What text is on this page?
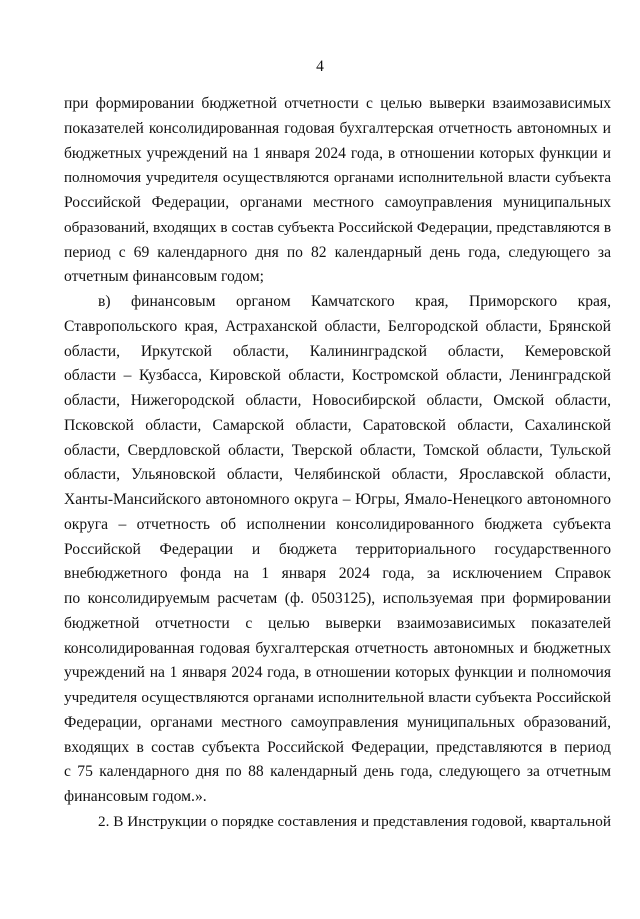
4
при формировании бюджетной отчетности с целью выверки взаимозависимых
показателей консолидированная годовая бухгалтерская отчетность автономных и
бюджетных учреждений на 1 января 2024 года, в отношении которых функции и
полномочия учредителя осуществляются органами исполнительной власти субъекта
Российской Федерации, органами местного самоуправления муниципальных
образований, входящих в состав субъекта Российской Федерации, представляются в
период с 69 календарного дня по 82 календарный день года, следующего за
отчетным финансовым годом;
в) финансовым органом Камчатского края, Приморского края,
Ставропольского края, Астраханской области, Белгородской области, Брянской
области, Иркутской области, Калининградской области, Кемеровской
области – Кузбасса, Кировской области, Костромской области, Ленинградской
области, Нижегородской области, Новосибирской области, Омской области,
Псковской области, Самарской области, Саратовской области, Сахалинской
области, Свердловской области, Тверской области, Томской области, Тульской
области, Ульяновской области, Челябинской области, Ярославской области,
Ханты-Мансийского автономного округа – Югры, Ямало-Ненецкого автономного
округа – отчетность об исполнении консолидированного бюджета субъекта
Российской Федерации и бюджета территориального государственного
внебюджетного фонда на 1 января 2024 года, за исключением Справок
по консолидируемым расчетам (ф. 0503125), используемая при формировании
бюджетной отчетности с целью выверки взаимозависимых показателей
консолидированная годовая бухгалтерская отчетность автономных и бюджетных
учреждений на 1 января 2024 года, в отношении которых функции и полномочия
учредителя осуществляются органами исполнительной власти субъекта Российской
Федерации, органами местного самоуправления муниципальных образований,
входящих в состав субъекта Российской Федерации, представляются в период
с 75 календарного дня по 88 календарный день года, следующего за отчетным
финансовым годом.».
2. В Инструкции о порядке составления и представления годовой, квартальной
